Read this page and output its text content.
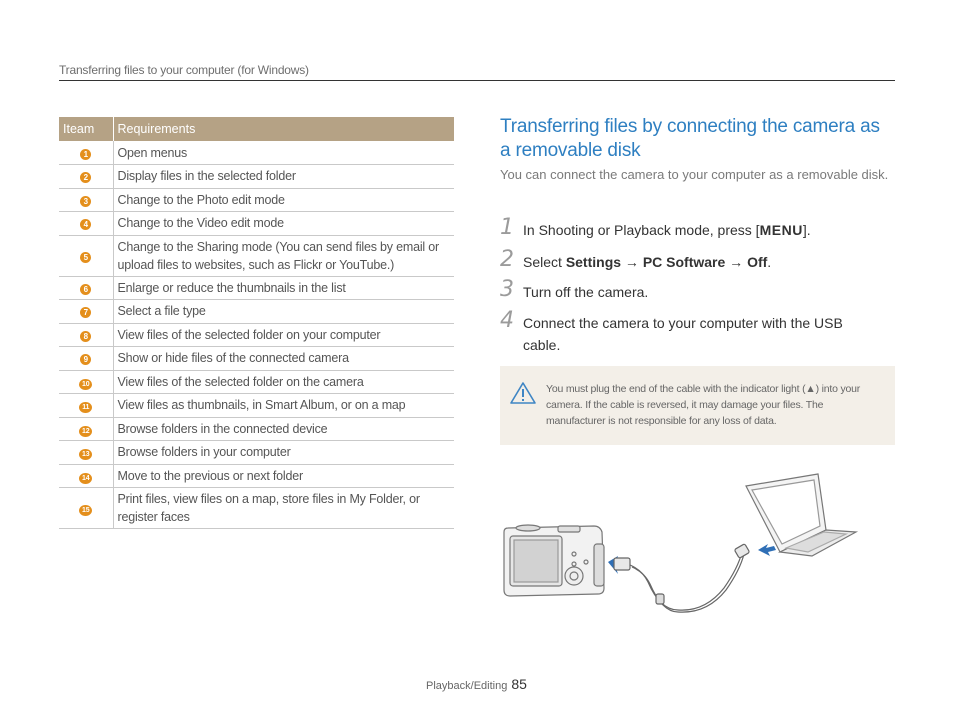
Transferring files to your computer (for Windows)
Iteam	Requirements
1	Open menus
2	Display files in the selected folder
3	Change to the Photo edit mode
4	Change to the Video edit mode
5	Change to the Sharing mode (You can send files by email or upload files to websites, such as Flickr or YouTube.)
6	Enlarge or reduce the thumbnails in the list
7	Select a file type
8	View files of the selected folder on your computer
9	Show or hide files of the connected camera
10	View files of the selected folder on the camera
11	View files as thumbnails, in Smart Album, or on a map
12	Browse folders in the connected device
13	Browse folders in your computer
14	Move to the previous or next folder
15	Print files, view files on a map, store files in My Folder, or register faces
Transferring files by connecting the camera as a removable disk
You can connect the camera to your computer as a removable disk.
1 In Shooting or Playback mode, press [MENU].
2 Select Settings → PC Software → Off.
3 Turn off the camera.
4 Connect the camera to your computer with the USB cable.
You must plug the end of the cable with the indicator light (▲) into your camera. If the cable is reversed, it may damage your files. The manufacturer is not responsible for any loss of data.
Playback/Editing 85
